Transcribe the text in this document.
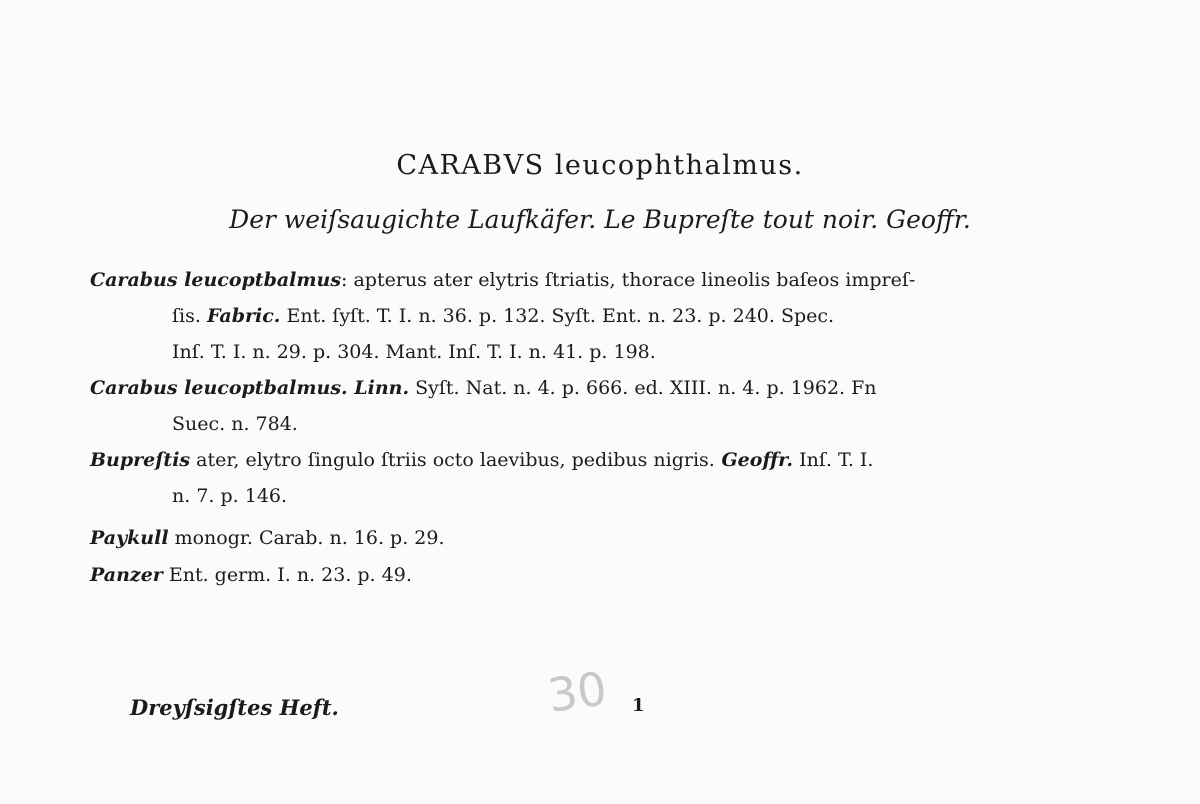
30
CARABVS leucophthalmus.
Der weiſsaugichte Laufkäfer. Le Bupreſte tout noir. Geoffr.
Carabus leucoptbalmus: apterus ater elytris ſtriatis, thorace lineolis baſeos impreſ-
ſis. Fabric. Ent. ſyſt. T. I. n. 36. p. 132. Syſt. Ent. n. 23. p. 240. Spec.
Inſ. T. I. n. 29. p. 304. Mant. Inſ. T. I. n. 41. p. 198.
Carabus leucoptbalmus. Linn. Syſt. Nat. n. 4. p. 666. ed. XIII. n. 4. p. 1962. Fn
Suec. n. 784.
Bupreſtis ater, elytro ſingulo ſtriis octo laevibus, pedibus nigris. Geoffr. Inſ. T. I.
n. 7. p. 146.
Paykull monogr. Carab. n. 16. p. 29.
Panzer Ent. germ. I. n. 23. p. 49.
Dreyſsigſtes Heft.	1
